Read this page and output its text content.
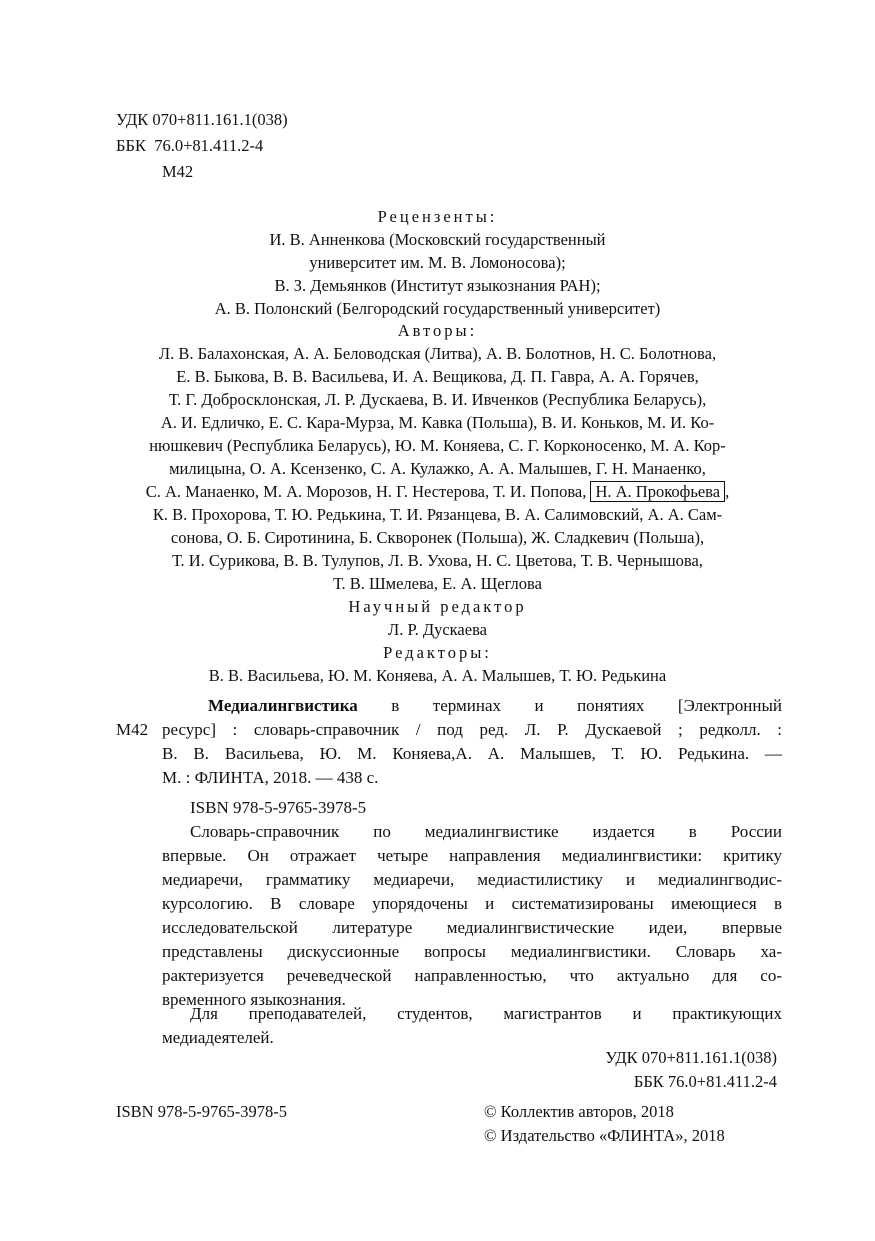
УДК 070+811.161.1(038)
ББК  76.0+81.411.2-4
М42
Рецензенты:
И. В. Анненкова (Московский государственный
университет им. М. В. Ломоносова);
В. З. Демьянков (Институт языкознания РАН);
А. В. Полонский (Белгородский государственный университет)
Авторы:
Л. В. Балахонская, А. А. Беловодская (Литва), А. В. Болотнов, Н. С. Болотнова,
Е. В. Быкова, В. В. Васильева, И. А. Вещикова, Д. П. Гавра, А. А. Горячев,
Т. Г. Добросклонская, Л. Р. Дускаева, В. И. Ивченков (Республика Беларусь),
А. И. Едличко, Е. С. Кара-Мурза, М. Кавка (Польша), В. И. Коньков, М. И. Ко-
нюшкевич (Республика Беларусь), Ю. М. Коняева, С. Г. Корконосенко, М. А. Кор-
милицына, О. А. Ксензенко, С. А. Кулажко, А. А. Малышев, Г. Н. Манаенко,
С. А. Манаенко, М. А. Морозов, Н. Г. Нестерова, Т. И. Попова, Н. А. Прокофьева ,
К. В. Прохорова, Т. Ю. Редькина, Т. И. Рязанцева, В. А. Салимовский, А. А. Сам-
сонова, О. Б. Сиротинина, Б. Скворонек (Польша), Ж. Сладкевич (Польша),
Т. И. Сурикова, В. В. Тулупов, Л. В. Ухова, Н. С. Цветова, Т. В. Чернышова,
Т. В. Шмелева, Е. А. Щеглова
Научный редактор
Л. Р. Дускаева
Редакторы:
В. В. Васильева, Ю. М. Коняева, А. А. Малышев, Т. Ю. Редькина
М42
Медиалингвистика в терминах и понятиях [Электронный
ресурс] : словарь-справочник / под ред. Л. Р. Дускаевой ; редколл. :
В. В. Васильева, Ю. М. Коняева,А. А. Малышев, Т. Ю. Редькина. —
М. : ФЛИНТА, 2018. — 438 с.
ISBN 978-5-9765-3978-5
Словарь-справочник по медиалингвистике издается в России
впервые. Он отражает четыре направления медиалингвистики: критику
медиаречи, грамматику медиаречи, медиастилистику и медиалингводис-
курсологию. В словаре упорядочены и систематизированы имеющиеся в
исследовательской литературе медиалингвистические идеи, впервые
представлены дискуссионные вопросы медиалингвистики. Словарь ха-
рактеризуется речеведческой направленностью, что актуально для со-
временного языкознания.
Для преподавателей, студентов, магистрантов и практикующих
медиадеятелей.
УДК 070+811.161.1(038)
ББК 76.0+81.411.2-4
ISBN 978-5-9765-3978-5	© Коллектив авторов, 2018
© Издательство «ФЛИНТА», 2018
